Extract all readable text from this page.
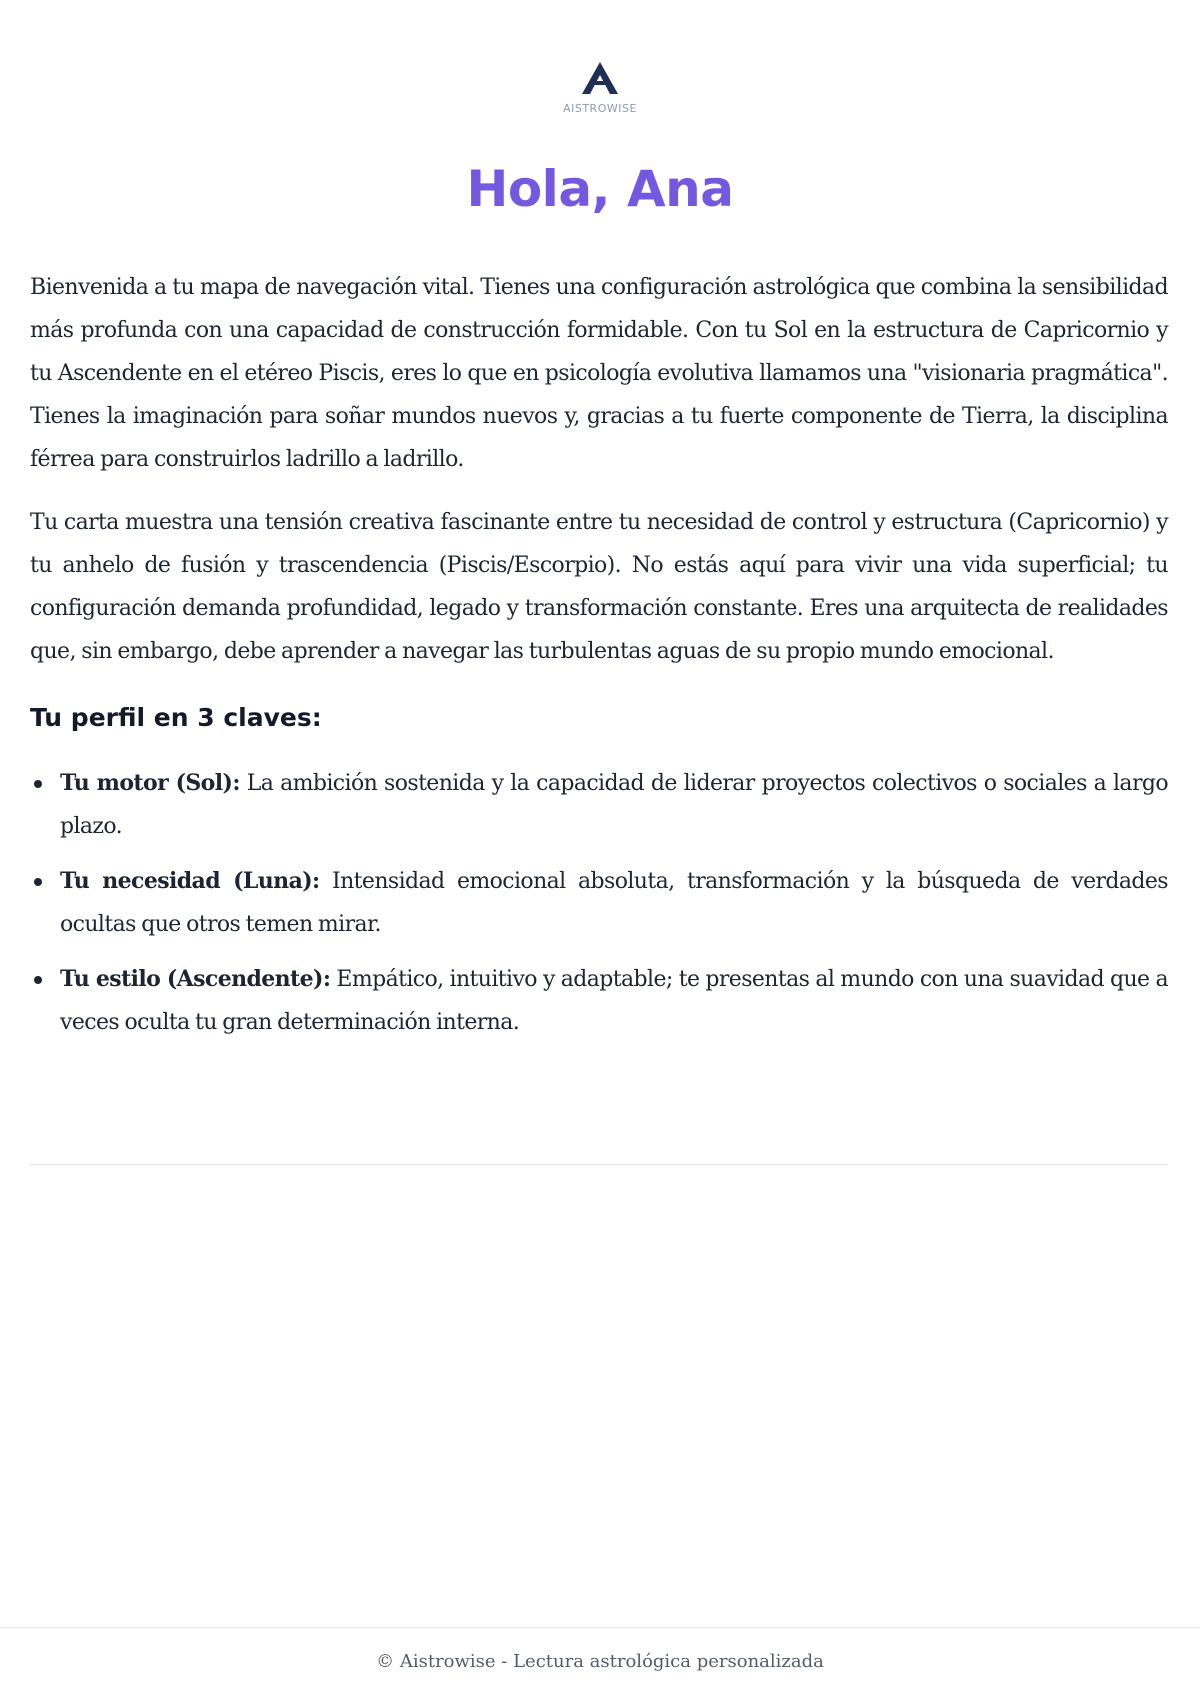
AISTROWISE
Hola, Ana

Bienvenida a tu mapa de navegación vital. Tienes una configuración astrológica que combina la sensibilidad más profunda con una capacidad de construcción formidable. Con tu Sol en la estructura de Capricornio y tu Ascendente en el etéreo Piscis, eres lo que en psicología evolutiva llamamos una "visionaria pragmática". Tienes la imaginación para soñar mundos nuevos y, gracias a tu fuerte componente de Tierra, la disciplina férrea para construirlos ladrillo a ladrillo.

Tu carta muestra una tensión creativa fascinante entre tu necesidad de control y estructura (Capricornio) y tu anhelo de fusión y trascendencia (Piscis/Escorpio). No estás aquí para vivir una vida superficial; tu configuración demanda profundidad, legado y transformación constante. Eres una arquitecta de realidades que, sin embargo, debe aprender a navegar las turbulentas aguas de su propio mundo emocional.

Tu perfil en 3 claves:
Tu motor (Sol): La ambición sostenida y la capacidad de liderar proyectos colectivos o sociales a largo plazo.
Tu necesidad (Luna): Intensidad emocional absoluta, transformación y la búsqueda de verdades ocultas que otros temen mirar.
Tu estilo (Ascendente): Empático, intuitivo y adaptable; te presentas al mundo con una suavidad que a veces oculta tu gran determinación interna.
© Aistrowise - Lectura astrológica personalizada
